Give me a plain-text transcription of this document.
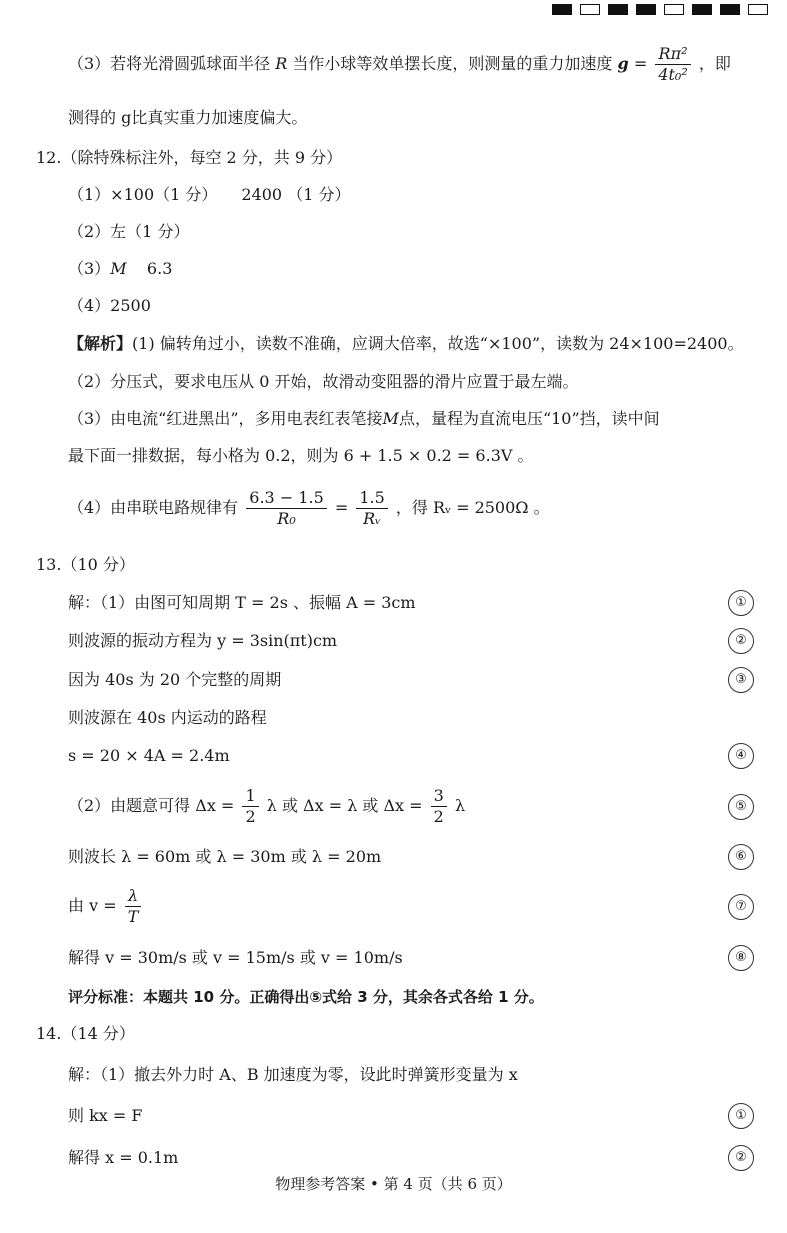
（3）若将光滑圆弧球面半径 R 当作小球等效单摆长度，则测量的重力加速度 $g = \frac{\text{Rπ²}}{\text{4t₀²}}$ ，即
测得的 g比真实重力加速度偏大。
12.（除特殊标注外，每空 2 分，共 9 分）
（1）×100（1 分）　　2400 （1 分）
（2）左（1 分）
（3）M 6.3
（4）2500
【解析】(1) 偏转角过小，读数不准确，应调大倍率，故选“×100”，读数为 24×100=2400。
（2）分压式，要求电压从 0 开始，故滑动变阻器的滑片应置于最左端。
（3）由电流“红进黑出”，多用电表红表笔接M点，量程为直流电压“10”挡，读中间
最下面一排数据，每小格为 0.2，则为 6 + 1.5 × 0.2 = 6.3V 。
（4）由串联电路规律有 $\frac{6.3 - 1.5}{\text{R₀}} = \frac{1.5}{\text{Rᵥ}}$ ，得 Rᵥ = 2500Ω 。
13.（10 分）
解：（1）由图可知周期 T = 2s 、振幅 A = 3cm	①
则波源的振动方程为 y = 3sin(πt)cm	②
因为 40s 为 20 个完整的周期	③
则波源在 40s 内运动的路程
s = 20 × 4A = 2.4m	④
（2）由题意可得 $\Delta x = \frac{1}{2}$ λ 或 Δx = λ 或 $\Delta x = \frac{3}{2}$ λ	⑤
则波长 λ = 60m 或 λ = 30m 或 λ = 20m	⑥
由 $v = \frac{\lambda}{T}$	⑦
解得 v = 30m/s 或 v = 15m/s 或 v = 10m/s	⑧
评分标准：本题共 10 分。正确得出⑤式给 3 分，其余各式各给 1 分。
14.（14 分）
解：（1）撤去外力时 A、B 加速度为零，设此时弹簧形变量为 x
则 kx = F	①
解得 x = 0.1m	②
物理参考答案 • 第 4 页（共 6 页）
